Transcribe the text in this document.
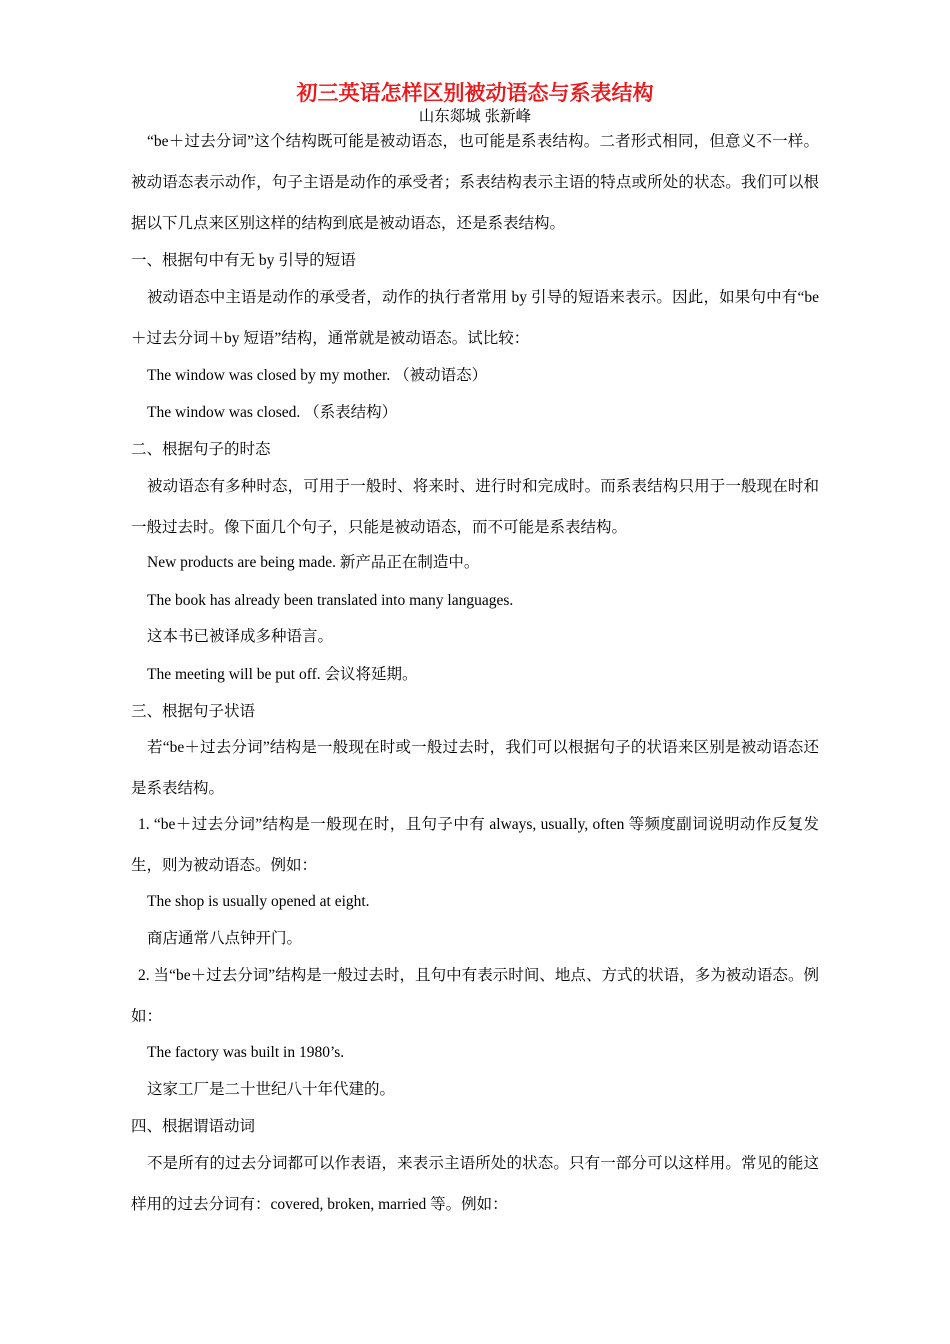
初三英语怎样区别被动语态与系表结构
山东郯城 张新峰
“be＋过去分词”这个结构既可能是被动语态，也可能是系表结构。二者形式相同，但意义不一样。被动语态表示动作，句子主语是动作的承受者；系表结构表示主语的特点或所处的状态。我们可以根据以下几点来区别这样的结构到底是被动语态，还是系表结构。
一、根据句中有无 by 引导的短语
被动语态中主语是动作的承受者，动作的执行者常用 by 引导的短语来表示。因此，如果句中有“be＋过去分词＋by 短语”结构，通常就是被动语态。试比较：
The window was closed by my mother. （被动语态）
The window was closed. （系表结构）
二、根据句子的时态
被动语态有多种时态，可用于一般时、将来时、进行时和完成时。而系表结构只用于一般现在时和一般过去时。像下面几个句子，只能是被动语态，而不可能是系表结构。
New products are being made. 新产品正在制造中。
The book has already been translated into many languages.
这本书已被译成多种语言。
The meeting will be put off. 会议将延期。
三、根据句子状语
若“be＋过去分词”结构是一般现在时或一般过去时，我们可以根据句子的状语来区别是被动语态还是系表结构。
1. “be＋过去分词”结构是一般现在时，且句子中有 always, usually, often 等频度副词说明动作反复发生，则为被动语态。例如：
The shop is usually opened at eight.
商店通常八点钟开门。
2. 当“be＋过去分词”结构是一般过去时，且句中有表示时间、地点、方式的状语，多为被动语态。例如：
The factory was built in 1980’s.
这家工厂是二十世纪八十年代建的。
四、根据谓语动词
不是所有的过去分词都可以作表语，来表示主语所处的状态。只有一部分可以这样用。常见的能这样用的过去分词有：covered, broken, married 等。例如：
